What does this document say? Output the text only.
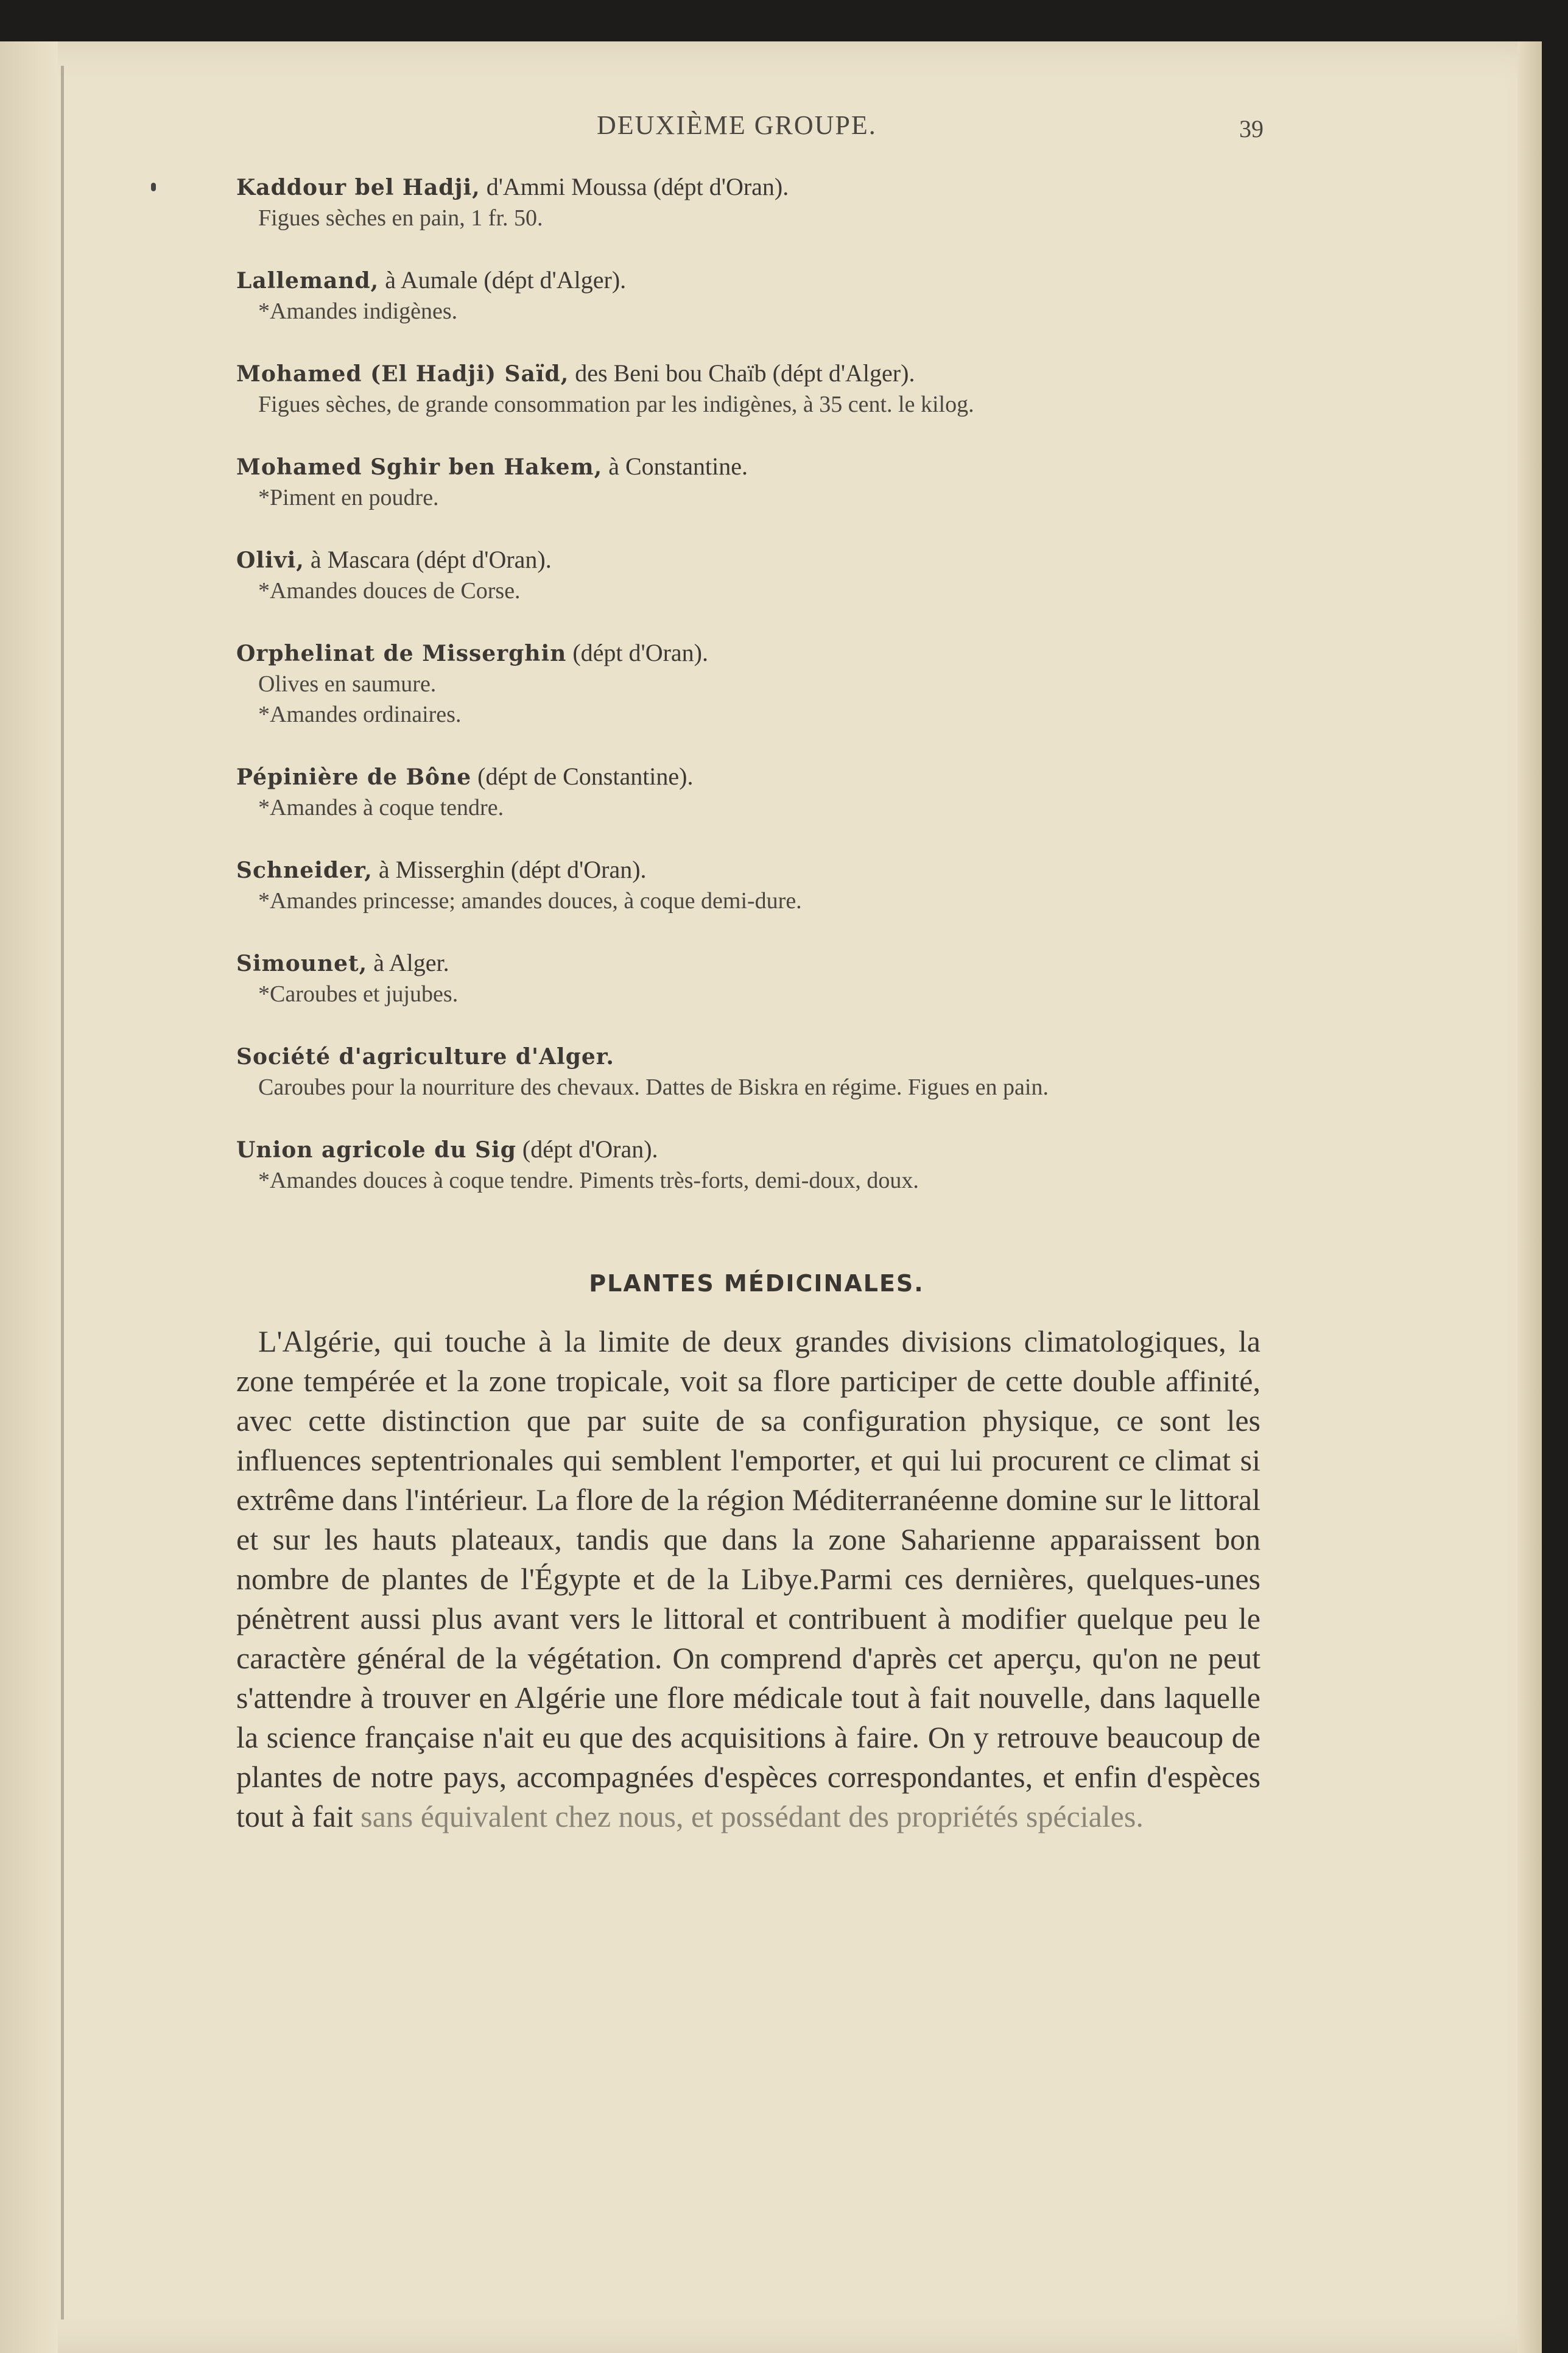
DEUXIÈME GROUPE.	39
Kaddour bel Hadji, d'Ammi Moussa (dépt d'Oran).
Figues sèches en pain, 1 fr. 50.
Lallemand, à Aumale (dépt d'Alger).
*Amandes indigènes.
Mohamed (El Hadji) Saïd, des Beni bou Chaïb (dépt d'Alger).
Figues sèches, de grande consommation par les indigènes, à 35 cent. le kilog.
Mohamed Sghir ben Hakem, à Constantine.
*Piment en poudre.
Olivi, à Mascara (dépt d'Oran).
*Amandes douces de Corse.
Orphelinat de Misserghin (dépt d'Oran).
Olives en saumure.
*Amandes ordinaires.
Pépinière de Bône (dépt de Constantine).
*Amandes à coque tendre.
Schneider, à Misserghin (dépt d'Oran).
*Amandes princesse; amandes douces, à coque demi-dure.
Simounet, à Alger.
*Caroubes et jujubes.
Société d'agriculture d'Alger.
Caroubes pour la nourriture des chevaux. Dattes de Biskra en régime. Figues en pain.
Union agricole du Sig (dépt d'Oran).
*Amandes douces à coque tendre. Piments très-forts, demi-doux, doux.
PLANTES MÉDICINALES.
L'Algérie, qui touche à la limite de deux grandes divisions climatologiques, la zone tempérée et la zone tropicale, voit sa flore participer de cette double affinité, avec cette distinction que par suite de sa configuration physique, ce sont les influences septentrionales qui semblent l'emporter, et qui lui procurent ce climat si extrême dans l'intérieur. La flore de la région Méditerranéenne domine sur le littoral et sur les hauts plateaux, tandis que dans la zone Saharienne apparaissent bon nombre de plantes de l'Égypte et de la Libye.Parmi ces dernières, quelques-unes pénètrent aussi plus avant vers le littoral et contribuent à modifier quelque peu le caractère général de la végétation. On comprend d'après cet aperçu, qu'on ne peut s'attendre à trouver en Algérie une flore médicale tout à fait nouvelle, dans laquelle la science française n'ait eu que des acquisitions à faire. On y retrouve beaucoup de plantes de notre pays, accompagnées d'espèces correspondantes, et enfin d'espèces tout à fait sans équivalent chez nous, et possédant des propriétés spéciales.
